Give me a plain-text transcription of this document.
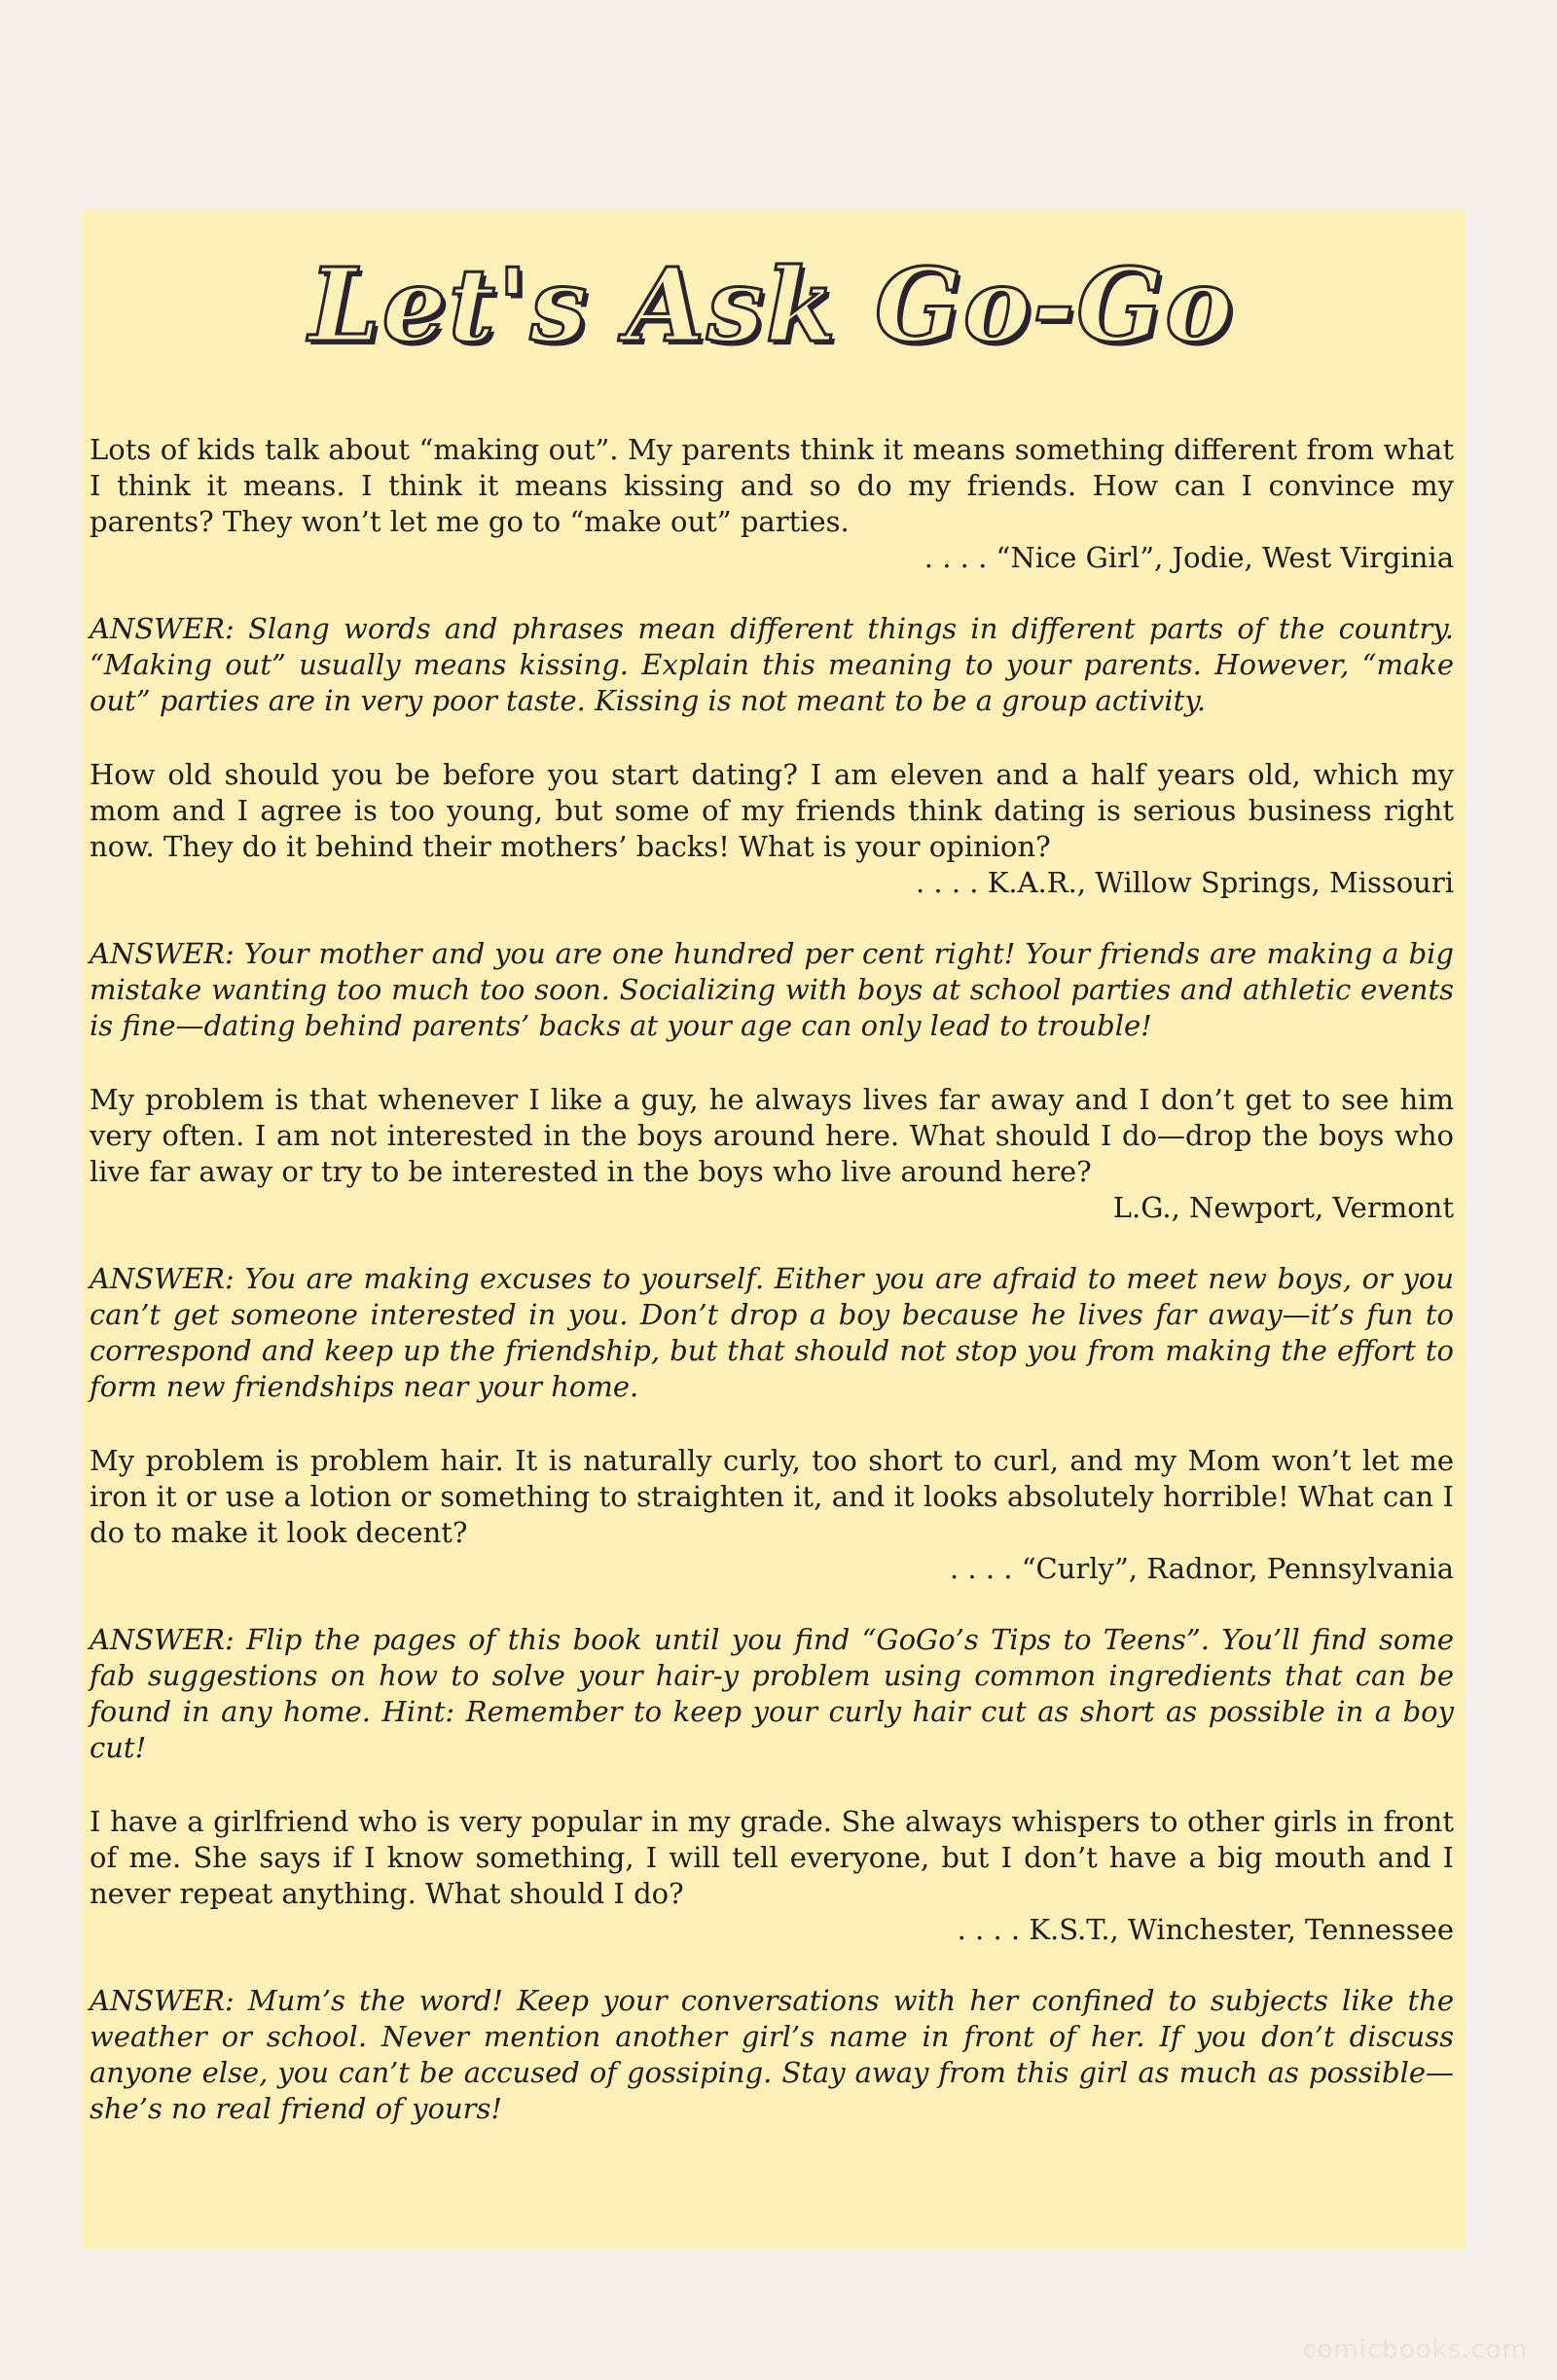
Let's Ask Go-Go

Lots of kids talk about “making out”. My parents think it means something different from what I think it means. I think it means kissing and so do my friends. How can I convince my parents? They won’t let me go to “make out” parties.

. . . . “Nice Girl”, Jodie, West Virginia

ANSWER: Slang words and phrases mean different things in different parts of the country. “Making out” usually means kissing. Explain this meaning to your parents. However, “make out” parties are in very poor taste. Kissing is not meant to be a group activity.

How old should you be before you start dating? I am eleven and a half years old, which my mom and I agree is too young, but some of my friends think dating is serious business right now. They do it behind their mothers’ backs! What is your opinion?

. . . . K.A.R., Willow Springs, Missouri

ANSWER: Your mother and you are one hundred per cent right! Your friends are making a big mistake wanting too much too soon. Socializing with boys at school parties and athletic events is fine—dating behind parents’ backs at your age can only lead to trouble!

My problem is that whenever I like a guy, he always lives far away and I don’t get to see him very often. I am not interested in the boys around here. What should I do—drop the boys who live far away or try to be interested in the boys who live around here?

L.G., Newport, Vermont

ANSWER: You are making excuses to yourself. Either you are afraid to meet new boys, or you can’t get someone interested in you. Don’t drop a boy because he lives far away—it’s fun to correspond and keep up the friendship, but that should not stop you from making the effort to form new friendships near your home.

My problem is problem hair. It is naturally curly, too short to curl, and my Mom won’t let me iron it or use a lotion or something to straighten it, and it looks absolutely horrible! What can I do to make it look decent?

. . . . “Curly”, Radnor, Pennsylvania

ANSWER: Flip the pages of this book until you find “GoGo’s Tips to Teens”. You’ll find some fab suggestions on how to solve your hair-y problem using common ingredients that can be found in any home. Hint: Remember to keep your curly hair cut as short as possible in a boy cut!

I have a girlfriend who is very popular in my grade. She always whispers to other girls in front of me. She says if I know something, I will tell everyone, but I don’t have a big mouth and I never repeat anything. What should I do?

. . . . K.S.T., Winchester, Tennessee

ANSWER: Mum’s the word! Keep your conversations with her confined to subjects like the weather or school. Never mention another girl’s name in front of her. If you don’t discuss anyone else, you can’t be accused of gossiping. Stay away from this girl as much as possible—she’s no real friend of yours!

comicbooks.com
